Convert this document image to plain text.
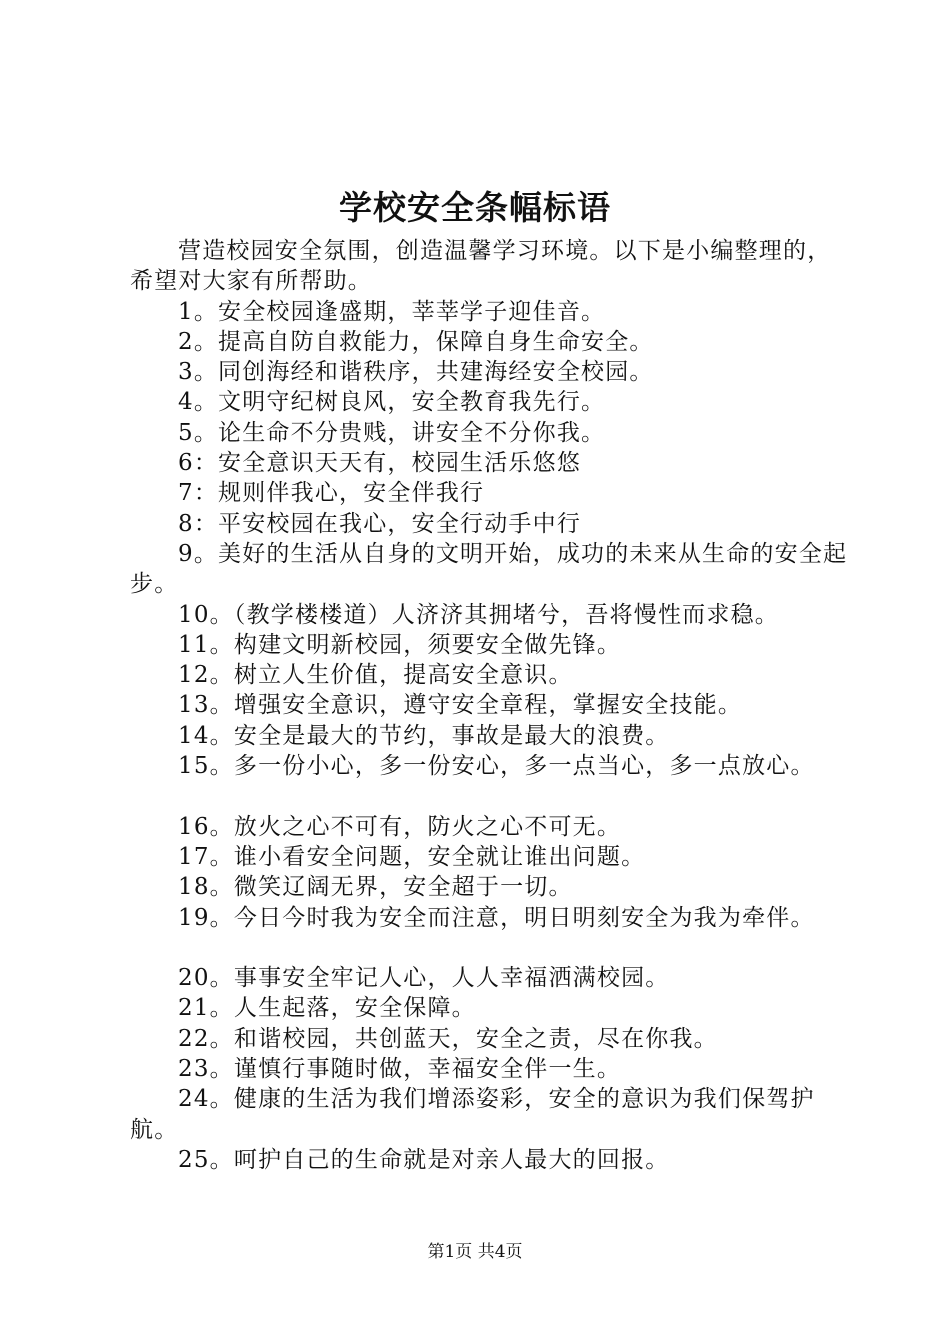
学校安全条幅标语

营造校园安全氛围，创造温馨学习环境。以下是小编整理的，希望对大家有所帮助。

1。安全校园逢盛期，莘莘学子迎佳音。

2。提高自防自救能力，保障自身生命安全。

3。同创海经和谐秩序，共建海经安全校园。

4。文明守纪树良风，安全教育我先行。

5。论生命不分贵贱，讲安全不分你我。

6：安全意识天天有，校园生活乐悠悠

7：规则伴我心，安全伴我行

8：平安校园在我心，安全行动手中行

9。美好的生活从自身的文明开始，成功的未来从生命的安全起步。

10。（教学楼楼道）人济济其拥堵兮，吾将慢性而求稳。

11。构建文明新校园，须要安全做先锋。

12。树立人生价值，提高安全意识。

13。增强安全意识，遵守安全章程，掌握安全技能。

14。安全是最大的节约，事故是最大的浪费。

15。多一份小心，多一份安心，多一点当心，多一点放心。

16。放火之心不可有，防火之心不可无。

17。谁小看安全问题，安全就让谁出问题。

18。微笑辽阔无界，安全超于一切。

19。今日今时我为安全而注意，明日明刻安全为我为牵伴。

20。事事安全牢记人心，人人幸福洒满校园。

21。人生起落，安全保障。

22。和谐校园，共创蓝天，安全之责，尽在你我。

23。谨慎行事随时做，幸福安全伴一生。

24。健康的生活为我们增添姿彩，安全的意识为我们保驾护航。

25。呵护自己的生命就是对亲人最大的回报。

第1页 共4页
